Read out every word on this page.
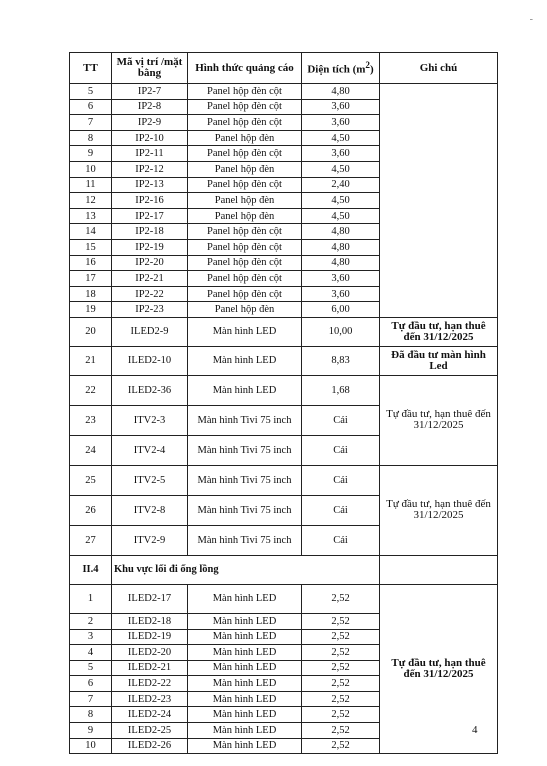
-
TT	Mã vị trí /mặt bằng	Hình thức quảng cáo	Diện tích $(m^2)$	Ghi chú
5	IP2-7	Panel hộp đèn cột	4,80	
6	IP2-8	Panel hộp đèn cột	3,60	
7	IP2-9	Panel hộp đèn cột	3,60	
8	IP2-10	Panel hộp đèn	4,50	
9	IP2-11	Panel hộp đèn cột	3,60	
10	IP2-12	Panel hộp đèn	4,50	
11	IP2-13	Panel hộp đèn cột	2,40	
12	IP2-16	Panel hộp đèn	4,50	
13	IP2-17	Panel hộp đèn	4,50	
14	IP2-18	Panel hộp đèn cột	4,80	
15	IP2-19	Panel hộp đèn cột	4,80	
16	IP2-20	Panel hộp đèn cột	4,80	
17	IP2-21	Panel hộp đèn cột	3,60	
18	IP2-22	Panel hộp đèn cột	3,60	
19	IP2-23	Panel hộp đèn	6,00	
20	ILED2-9	Màn hình LED	10,00	Tự đầu tư, hạn thuê đến 31/12/2025
21	ILED2-10	Màn hình LED	8,83	Đã đầu tư màn hình Led
22	ILED2-36	Màn hình LED	1,68	Tự đầu tư, hạn thuê đến 31/12/2025
23	ITV2-3	Màn hình Tivi 75 inch	Cái	
24	ITV2-4	Màn hình Tivi 75 inch	Cái	
25	ITV2-5	Màn hình Tivi 75 inch	Cái	Tự đầu tư, hạn thuê đến 31/12/2025
26	ITV2-8	Màn hình Tivi 75 inch	Cái	
27	ITV2-9	Màn hình Tivi 75 inch	Cái	
II.4	Khu vực lối đi ống lồng			
1	ILED2-17	Màn hình LED	2,52	Tự đầu tư, hạn thuê đến 31/12/2025
2	ILED2-18	Màn hình LED	2,52	
3	ILED2-19	Màn hình LED	2,52	
4	ILED2-20	Màn hình LED	2,52	
5	ILED2-21	Màn hình LED	2,52	
6	ILED2-22	Màn hình LED	2,52	
7	ILED2-23	Màn hình LED	2,52	
8	ILED2-24	Màn hình LED	2,52	
9	ILED2-25	Màn hình LED	2,52	
10	ILED2-26	Màn hình LED	2,52	
4
